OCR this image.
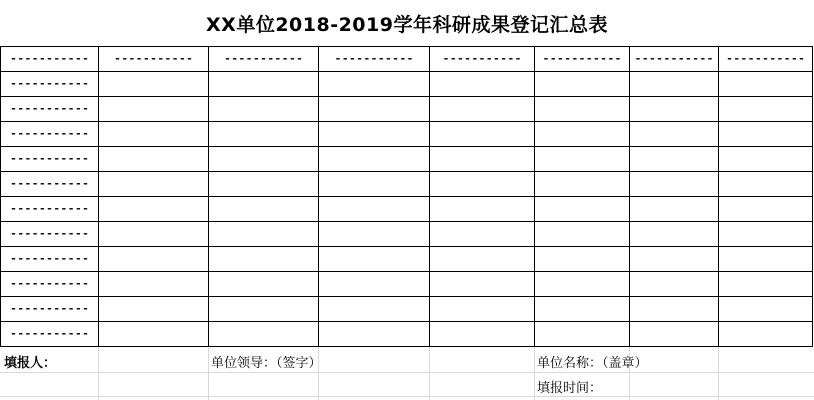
XX单位2018-2019学年科研成果登记汇总表
-----------	-----------	-----------	-----------	-----------	-----------	-----------	-----------
-----------							
-----------							
-----------							
-----------							
-----------							
-----------							
-----------							
-----------							
-----------							
-----------							
-----------							
填报人：	单位领导：（签字）	单位名称：（盖章）
填报时间：
